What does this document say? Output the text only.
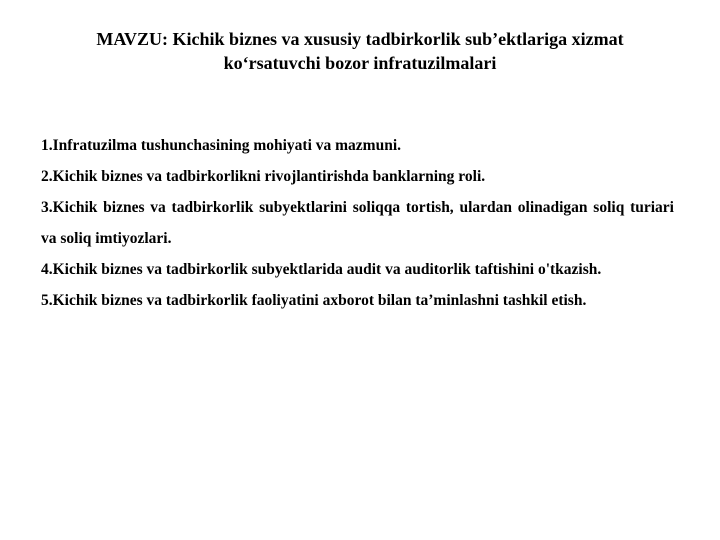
MAVZU: Kichik biznes va xususiy tadbirkorlik sub’ektlariga xizmat
ko‘rsatuvchi bozor infratuzilmalari

1.Infratuzilma tushunchasining mohiyati va mazmuni.

2.Kichik biznes va tadbirkorlikni rivojlantirishda banklarning roli.

3.Kichik biznes va tadbirkorlik subyektlarini soliqqa tortish, ulardan olinadigan soliq turiari va soliq imtiyozlari.

4.Kichik biznes va tadbirkorlik subyektlarida audit va auditorlik taftishini o'tkazish.

5.Kichik biznes va tadbirkorlik faoliyatini axborot bilan ta’minlashni tashkil etish.
